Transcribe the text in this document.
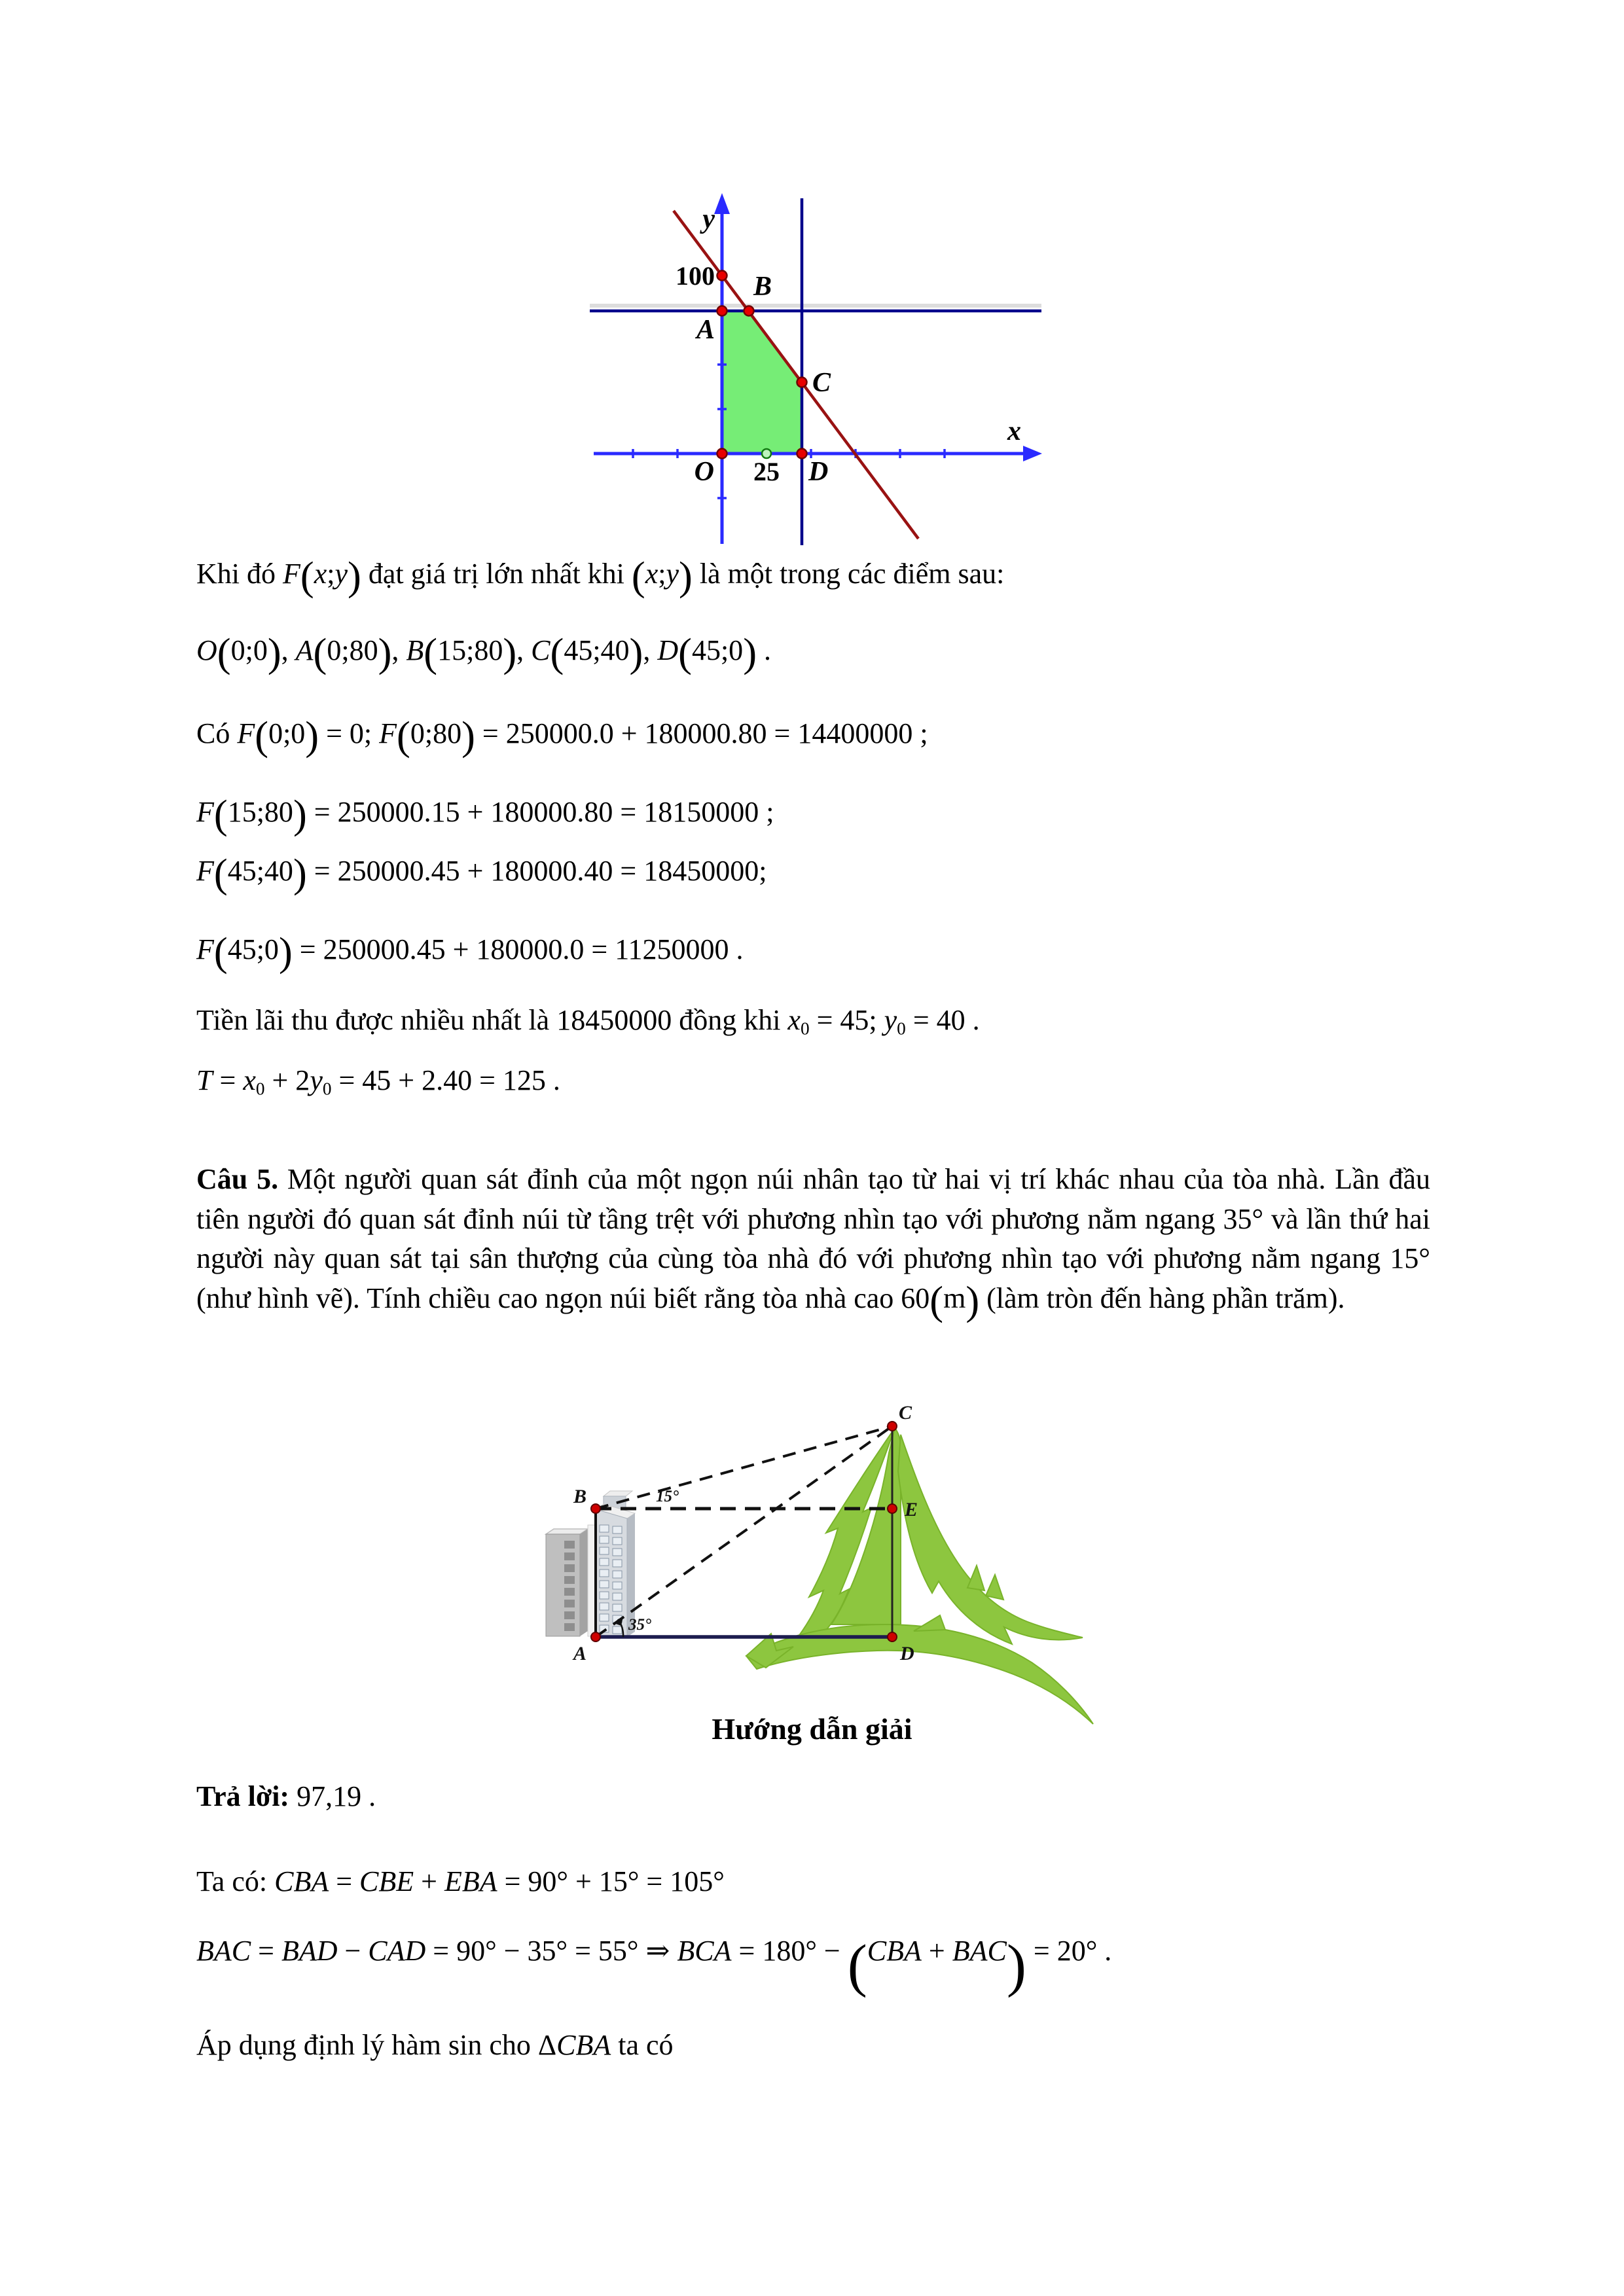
y
x
100 B
A
C
O 25 D
Khi đó F(x;y) đạt giá trị lớn nhất khi (x;y) là một trong các điểm sau:
O(0;0), A(0;80), B(15;80), C(45;40), D(45;0) .
Có F(0;0) = 0; F(0;80) = 250000.0 + 180000.80 = 14400000 ;
F(15;80) = 250000.15 + 180000.80 = 18150000 ;
F(45;40) = 250000.45 + 180000.40 = 18450000;
F(45;0) = 250000.45 + 180000.0 = 11250000 .
Tiền lãi thu được nhiều nhất là 18450000 đồng khi x0 = 45; y0 = 40 .
T = x0 + 2y0 = 45 + 2.40 = 125 .
Câu 5. Một người quan sát đỉnh của một ngọn núi nhân tạo từ hai vị trí khác nhau của tòa nhà. Lần đầu tiên người đó quan sát đỉnh núi từ tầng trệt với phương nhìn tạo với phương nằm ngang 35° và lần thứ hai người này quan sát tại sân thượng của cùng tòa nhà đó với phương nhìn tạo với phương nằm ngang 15° (như hình vẽ). Tính chiều cao ngọn núi biết rằng tòa nhà cao 60(m) (làm tròn đến hàng phần trăm).
B
A
C
D
E
15°
35°
Hướng dẫn giải
Trả lời: 97,19 .
Ta có: CBA = CBE + EBA = 90° + 15° = 105°
BAC = BAD − CAD = 90° − 35° = 55° ⇒ BCA = 180° − (CBA + BAC) = 20° .
Áp dụng định lý hàm sin cho ΔCBA ta có
